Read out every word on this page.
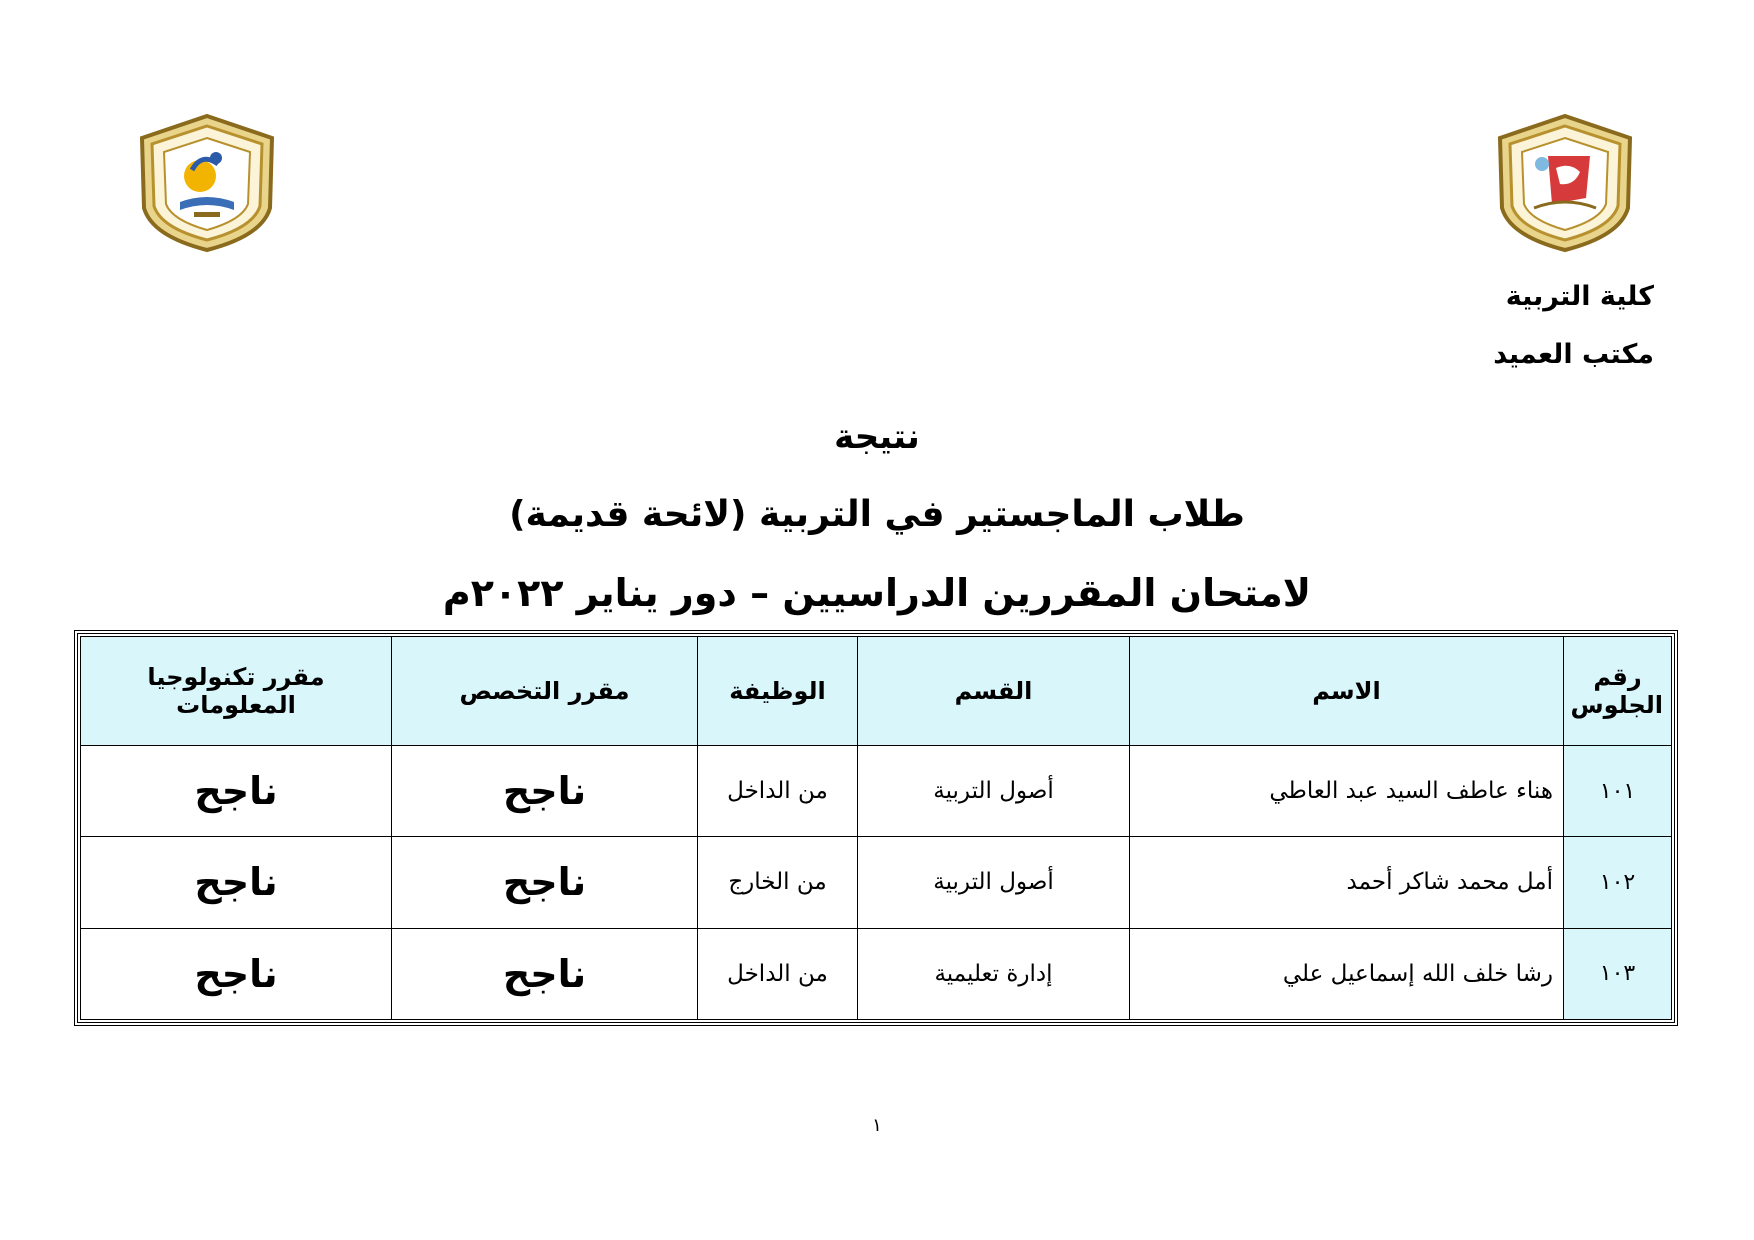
كلية التربية
مكتب العميد
نتيجة
طلاب الماجستير في التربية (لائحة قديمة)
لامتحان المقررين الدراسيين – دور يناير ٢٠٢٢م
رقم الجلوس	الاسم	القسم	الوظيفة	مقرر التخصص	مقرر تكنولوجيا المعلومات
١٠١	هناء عاطف السيد عبد العاطي	أصول التربية	من الداخل	ناجح	ناجح
١٠٢	أمل محمد شاكر أحمد	أصول التربية	من الخارج	ناجح	ناجح
١٠٣	رشا خلف الله إسماعيل علي	إدارة تعليمية	من الداخل	ناجح	ناجح
١
